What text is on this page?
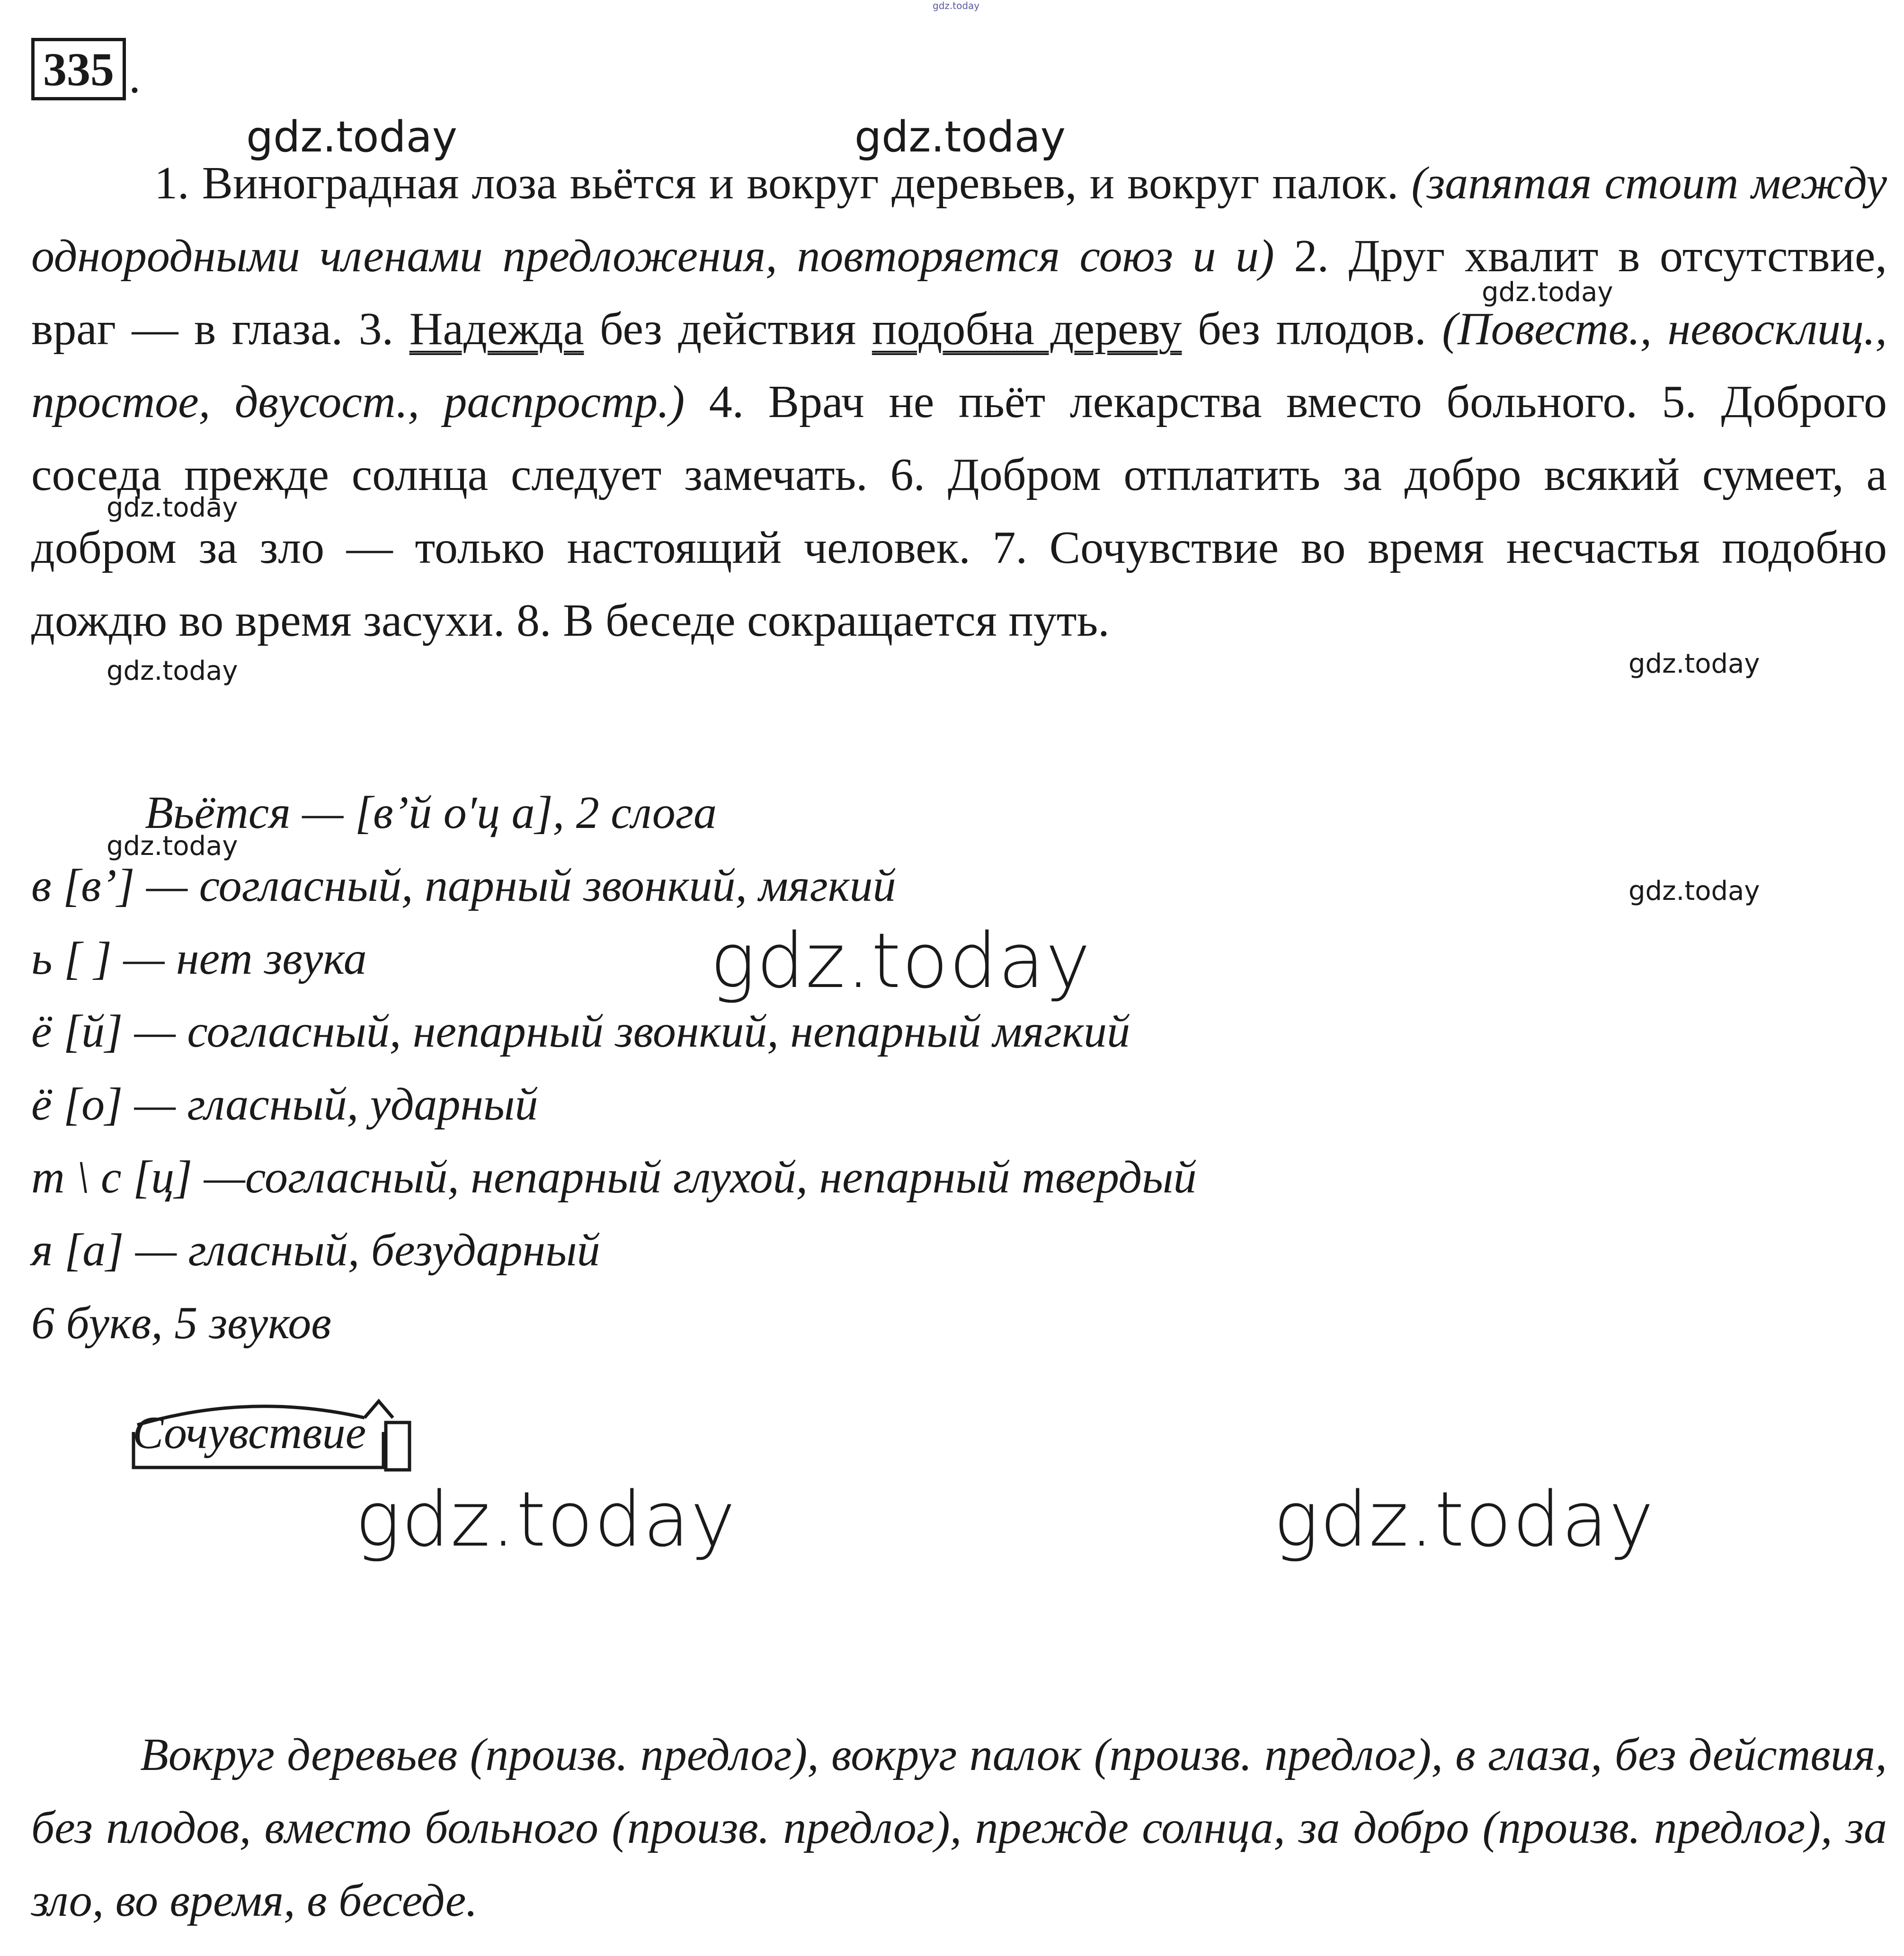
gdz.today
335 .
1. Виноградная лоза вьётся и вокруг деревьев, и вокруг палок. (запятая стоит между однородными членами предложения, повторяется союз и и) 2. Друг хвалит в отсутствие, враг — в глаза. 3. Надежда без действия подобна дереву без плодов. (Повеств., невосклиц., простое, двусост., распростр.) 4. Врач не пьёт лекарства вместо больного. 5. Доброго соседа прежде солнца следует замечать. 6. Добром отплатить за добро всякий сумеет, а добром за зло — только настоящий человек. 7. Сочувствие во время несчастья подобно дождю во время засухи. 8. В беседе сокращается путь.
Вьётся — [в’й о′ц а], 2 слога
в [в’] — согласный, парный звонкий, мягкий
ь [ ] — нет звука
ё [й] — согласный, непарный звонкий, непарный мягкий
ё [о] — гласный, ударный
т \ с [ц] —согласный, непарный глухой, непарный твердый
я [а] — гласный, безударный
6 букв, 5 звуков
Сочувствие
Вокруг деревьев (произв. предлог), вокруг палок (произв. предлог), в глаза, без действия, без плодов, вместо больного (произв. предлог), прежде солнца, за добро (произв. предлог), за зло, во время, в беседе.
gdz.today	gdz.today
gdz.today
gdz.today
gdz.today	gdz.today
gdz.today
gdz.today
gdz.today
gdz.today	gdz.today
